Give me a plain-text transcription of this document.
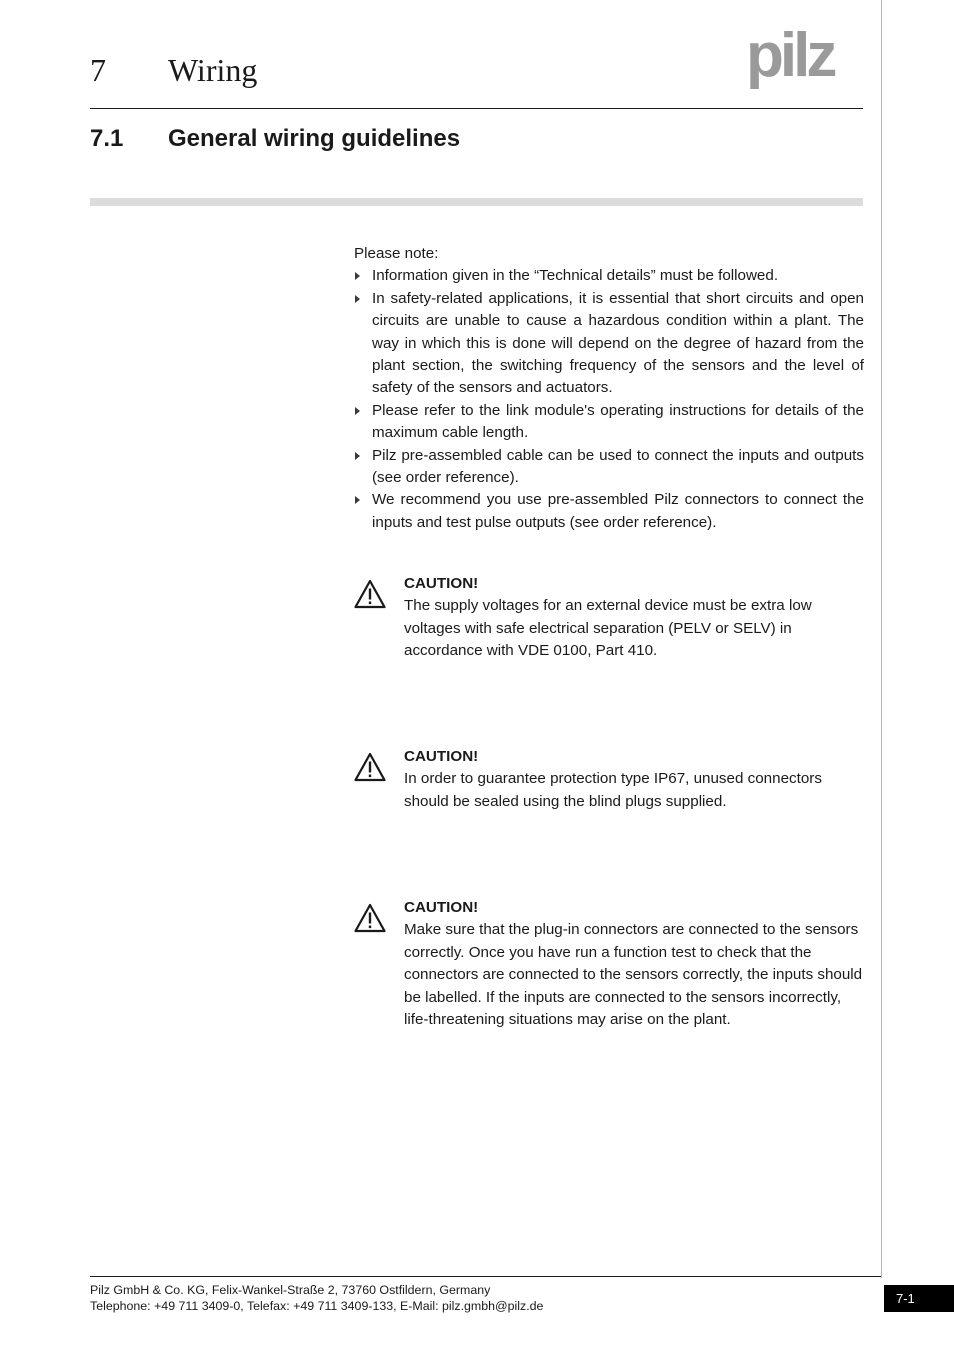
7 Wiring	pilz
7.1 General wiring guidelines

Please note:

Information given in the “Technical details” must be followed.
In safety-related applications, it is essential that short circuits and open circuits are unable to cause a hazardous condition within a plant. The way in which this is done will depend on the degree of hazard from the plant section, the switching frequency of the sensors and the level of safety of the sensors and actuators.
Please refer to the link module's operating instructions for details of the maximum cable length.
Pilz pre-assembled cable can be used to connect the inputs and outputs (see order reference).
We recommend you use pre-assembled Pilz connectors to connect the inputs and test pulse outputs (see order reference).

CAUTION!

The supply voltages for an external device must be extra low voltages with safe electrical separation (PELV or SELV) in accordance with VDE 0100, Part 410.

CAUTION!

In order to guarantee protection type IP67, unused connectors should be sealed using the blind plugs supplied.

CAUTION!

Make sure that the plug-in connectors are connected to the sensors correctly. Once you have run a function test to check that the connectors are connected to the sensors correctly, the inputs should be labelled. If the inputs are connected to the sensors incorrectly, life-threatening situations may arise on the plant.

Pilz GmbH & Co. KG, Felix-Wankel-Straße 2, 73760 Ostfildern, Germany
Telephone: +49 711 3409-0, Telefax: +49 711 3409-133, E-Mail: pilz.gmbh@pilz.de	7-1
